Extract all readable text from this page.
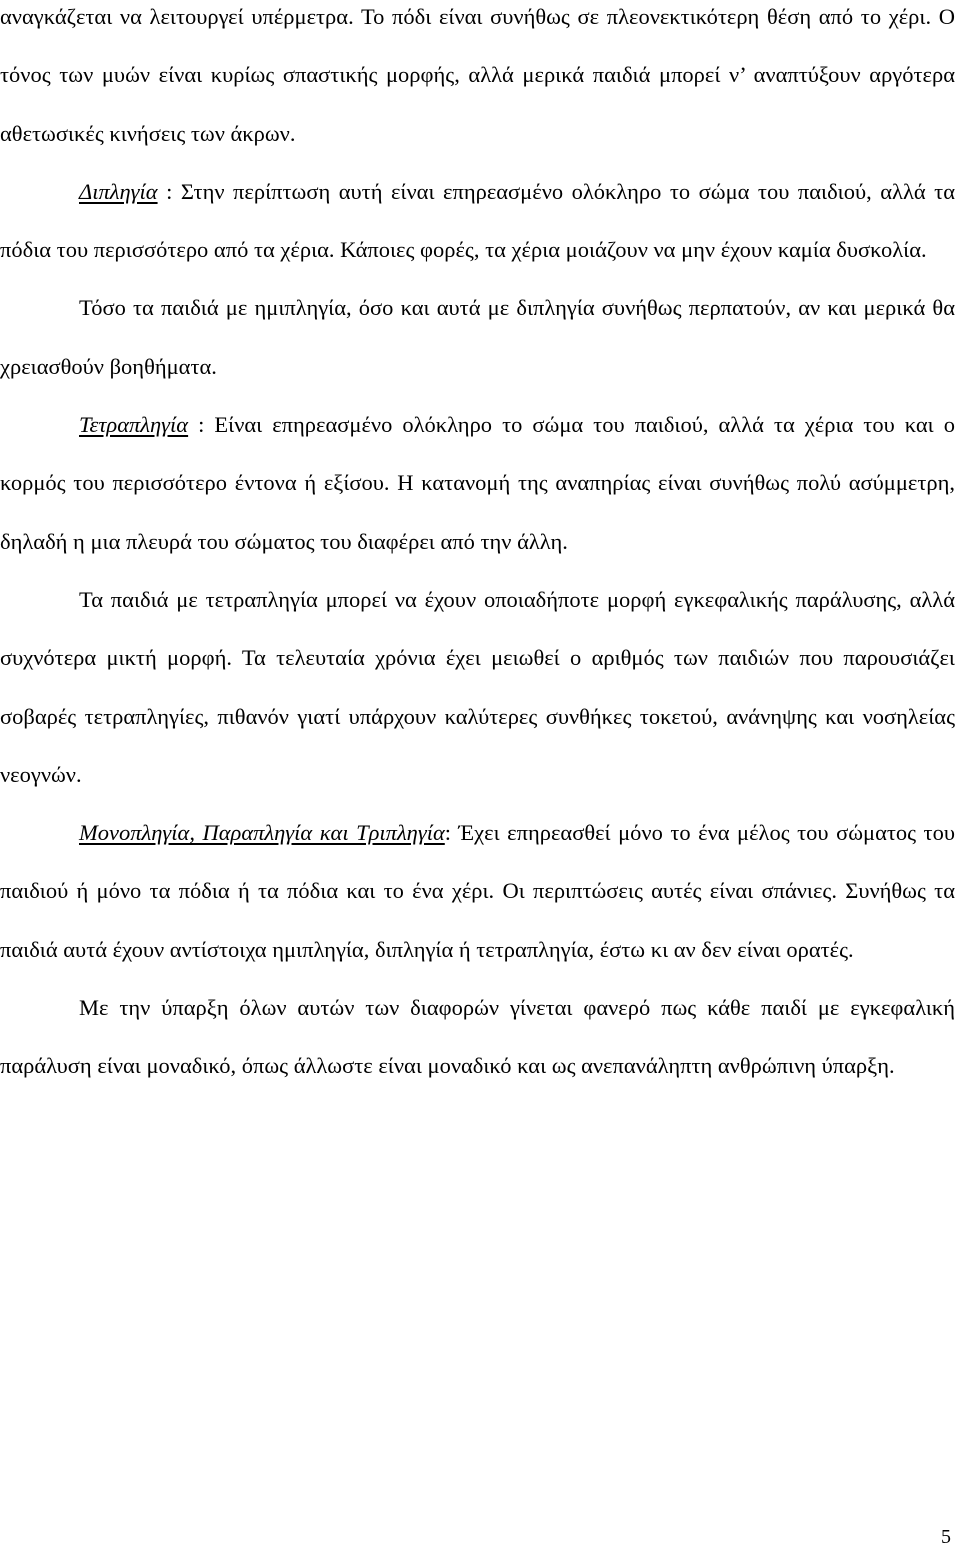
αναγκάζεται να λειτουργεί υπέρμετρα. Το πόδι είναι συνήθως σε πλεονεκτικότερη θέση από το χέρι. Ο τόνος των μυών είναι κυρίως σπαστικής μορφής, αλλά μερικά παιδιά μπορεί ν’ αναπτύξουν αργότερα αθετωσικές κινήσεις των άκρων.

Διπληγία : Στην περίπτωση αυτή είναι επηρεασμένο ολόκληρο το σώμα του παιδιού, αλλά τα πόδια του περισσότερο από τα χέρια. Κάποιες φορές, τα χέρια μοιάζουν να μην έχουν καμία δυσκολία.

Τόσο τα παιδιά με ημιπληγία, όσο και αυτά με διπληγία συνήθως περπατούν, αν και μερικά θα χρειασθούν βοηθήματα.

Τετραπληγία : Είναι επηρεασμένο ολόκληρο το σώμα του παιδιού, αλλά τα χέρια του και ο κορμός του περισσότερο έντονα ή εξίσου. Η κατανομή της αναπηρίας είναι συνήθως πολύ ασύμμετρη, δηλαδή η μια πλευρά του σώματος του διαφέρει από την άλλη.

Τα παιδιά με τετραπληγία μπορεί να έχουν οποιαδήποτε μορφή εγκεφαλικής παράλυσης, αλλά συχνότερα μικτή μορφή. Τα τελευταία χρόνια έχει μειωθεί ο αριθμός των παιδιών που παρουσιάζει σοβαρές τετραπληγίες, πιθανόν γιατί υπάρχουν καλύτερες συνθήκες τοκετού, ανάνηψης και νοσηλείας νεογνών.

Μονοπληγία, Παραπληγία και Τριπληγία: Έχει επηρεασθεί μόνο το ένα μέλος του σώματος του παιδιού ή μόνο τα πόδια ή τα πόδια και το ένα χέρι. Οι περιπτώσεις αυτές είναι σπάνιες. Συνήθως τα παιδιά αυτά έχουν αντίστοιχα ημιπληγία, διπληγία ή τετραπληγία, έστω κι αν δεν είναι ορατές.

Με την ύπαρξη όλων αυτών των διαφορών γίνεται φανερό πως κάθε παιδί με εγκεφαλική παράλυση είναι μοναδικό, όπως άλλωστε είναι μοναδικό και ως ανεπανάληπτη ανθρώπινη ύπαρξη.

5
